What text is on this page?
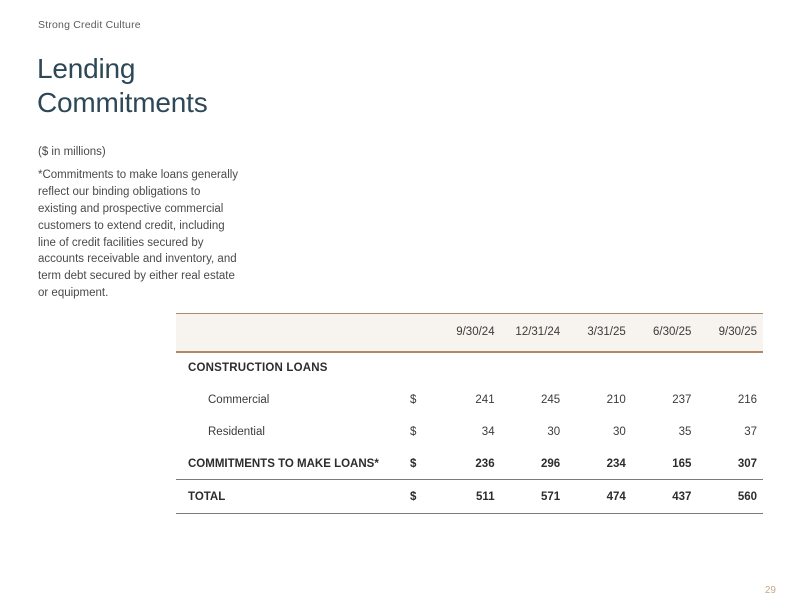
Strong Credit Culture
Lending
Commitments
($ in millions)
*Commitments to make loans generally
reflect our binding obligations to
existing and prospective commercial
customers to extend credit, including
line of credit facilities secured by
accounts receivable and inventory, and
term debt secured by either real estate
or equipment.
		9/30/24	12/31/24	3/31/25	6/30/25	9/30/25
CONSTRUCTION LOANS						
Commercial	$	241	245	210	237	216
Residential	$	34	30	30	35	37
COMMITMENTS TO MAKE LOANS*	$	236	296	234	165	307
TOTAL	$	511	571	474	437	560
29
